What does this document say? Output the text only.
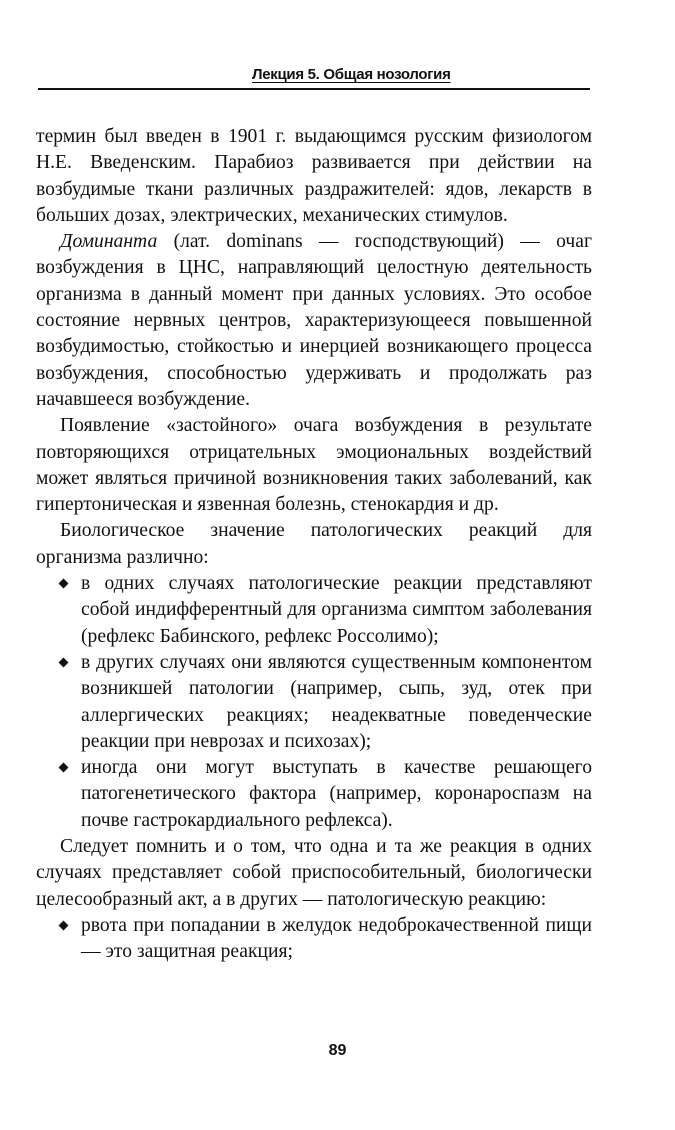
Лекция 5. Общая нозология

термин был введен в 1901 г. выдающимся русским физиологом Н.Е. Введенским. Парабиоз развивается при действии на возбудимые ткани различных раздражителей: ядов, лекарств в больших дозах, электрических, механических стимулов.

Доминанта (лат. dominans — господствующий) — очаг возбуждения в ЦНС, направляющий целостную деятельность организма в данный момент при данных условиях. Это особое состояние нервных центров, характеризующееся повышенной возбудимостью, стойкостью и инерцией возникающего процесса возбуждения, способностью удерживать и продолжать раз начавшееся возбуждение.

Появление «застойного» очага возбуждения в результате повторяющихся отрицательных эмоциональных воздействий может являться причиной возникновения таких заболеваний, как гипертоническая и язвенная болезнь, стенокардия и др.

Биологическое значение патологических реакций для организма различно:

в одних случаях патологические реакции представляют собой индифферентный для организма симптом заболевания (рефлекс Бабинского, рефлекс Россолимо);
в других случаях они являются существенным компонентом возникшей патологии (например, сыпь, зуд, отек при аллергических реакциях; неадекватные поведенческие реакции при неврозах и психозах);
иногда они могут выступать в качестве решающего патогенетического фактора (например, коронароспазм на почве гастрокардиального рефлекса).

Следует помнить и о том, что одна и та же реакция в одних случаях представляет собой приспособительный, биологически целесообразный акт, а в других — патологическую реакцию:

рвота при попадании в желудок недоброкачественной пищи — это защитная реакция;
89
